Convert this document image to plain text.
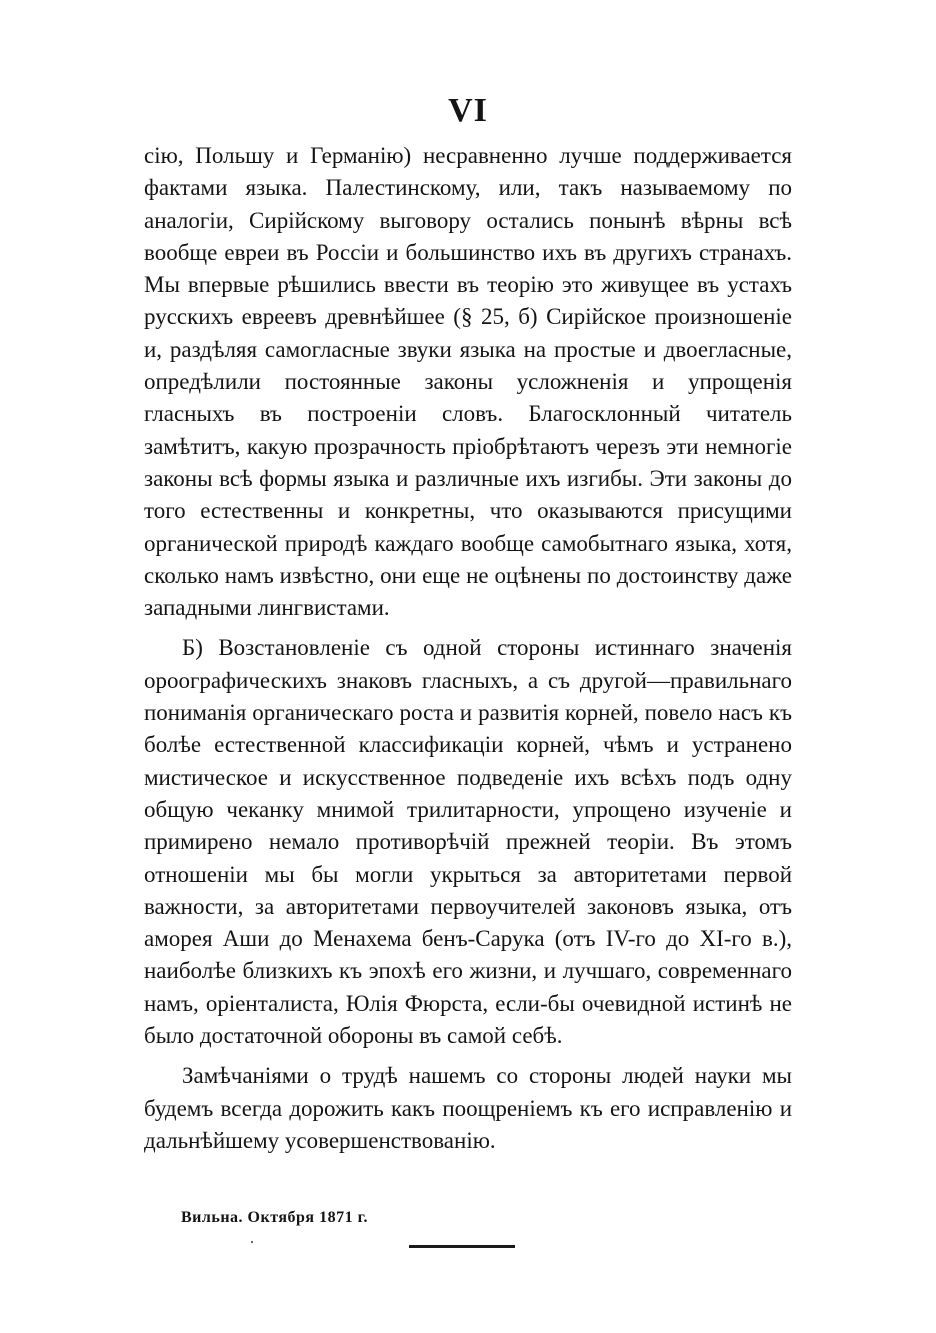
VI

сію, Польшу и Германію) несравненно лучше поддерживается фактами языка. Палестинскому, или, такъ называемому по аналогіи, Сирійскому выговору остались понынѣ вѣрны всѣ вообще евреи въ Россіи и большинство ихъ въ другихъ странахъ. Мы впервые рѣшились ввести въ теорію это живущее въ устахъ русскихъ евреевъ древнѣйшее (§ 25, б) Сирійское произношеніе и, раздѣляя самогласные звуки языка на простые и двоегласные, опредѣлили постоянные законы усложненія и упрощенія гласныхъ въ построеніи словъ. Благосклонный читатель замѣтитъ, какую прозрачность пріобрѣтаютъ черезъ эти немногіе законы всѣ формы языка и различные ихъ изгибы. Эти законы до того естественны и конкретны, что оказываются присущими органической природѣ каждаго вообще самобытнаго языка, хотя, сколько намъ извѣстно, они еще не оцѣнены по достоинству даже западными лингвистами.

Б) Возстановленіе съ одной стороны истиннаго значенія ороографическихъ знаковъ гласныхъ, а съ другой—правильнаго пониманія органическаго роста и развитія корней, повело насъ къ болѣе естественной классификаціи корней, чѣмъ и устранено мистическое и искусственное подведеніе ихъ всѣхъ подъ одну общую чеканку мнимой трилитарности, упрощено изученіе и примирено немало противорѣчій прежней теоріи. Въ этомъ отношеніи мы бы могли укрыться за авторитетами первой важности, за авторитетами первоучителей законовъ языка, отъ аморея Аши до Менахема бенъ-Сарука (отъ IV-го до XI-го в.), наиболѣе близкихъ къ эпохѣ его жизни, и лучшаго, современнаго намъ, оріенталиста, Юлія Фюрста, если-бы очевидной истинѣ не было достаточной обороны въ самой себѣ.

Замѣчаніями о трудѣ нашемъ со стороны людей науки мы будемъ всегда дорожить какъ поощреніемъ къ его исправленію и дальнѣйшему усовершенствованію.

Вильна. Октября 1871 г.
